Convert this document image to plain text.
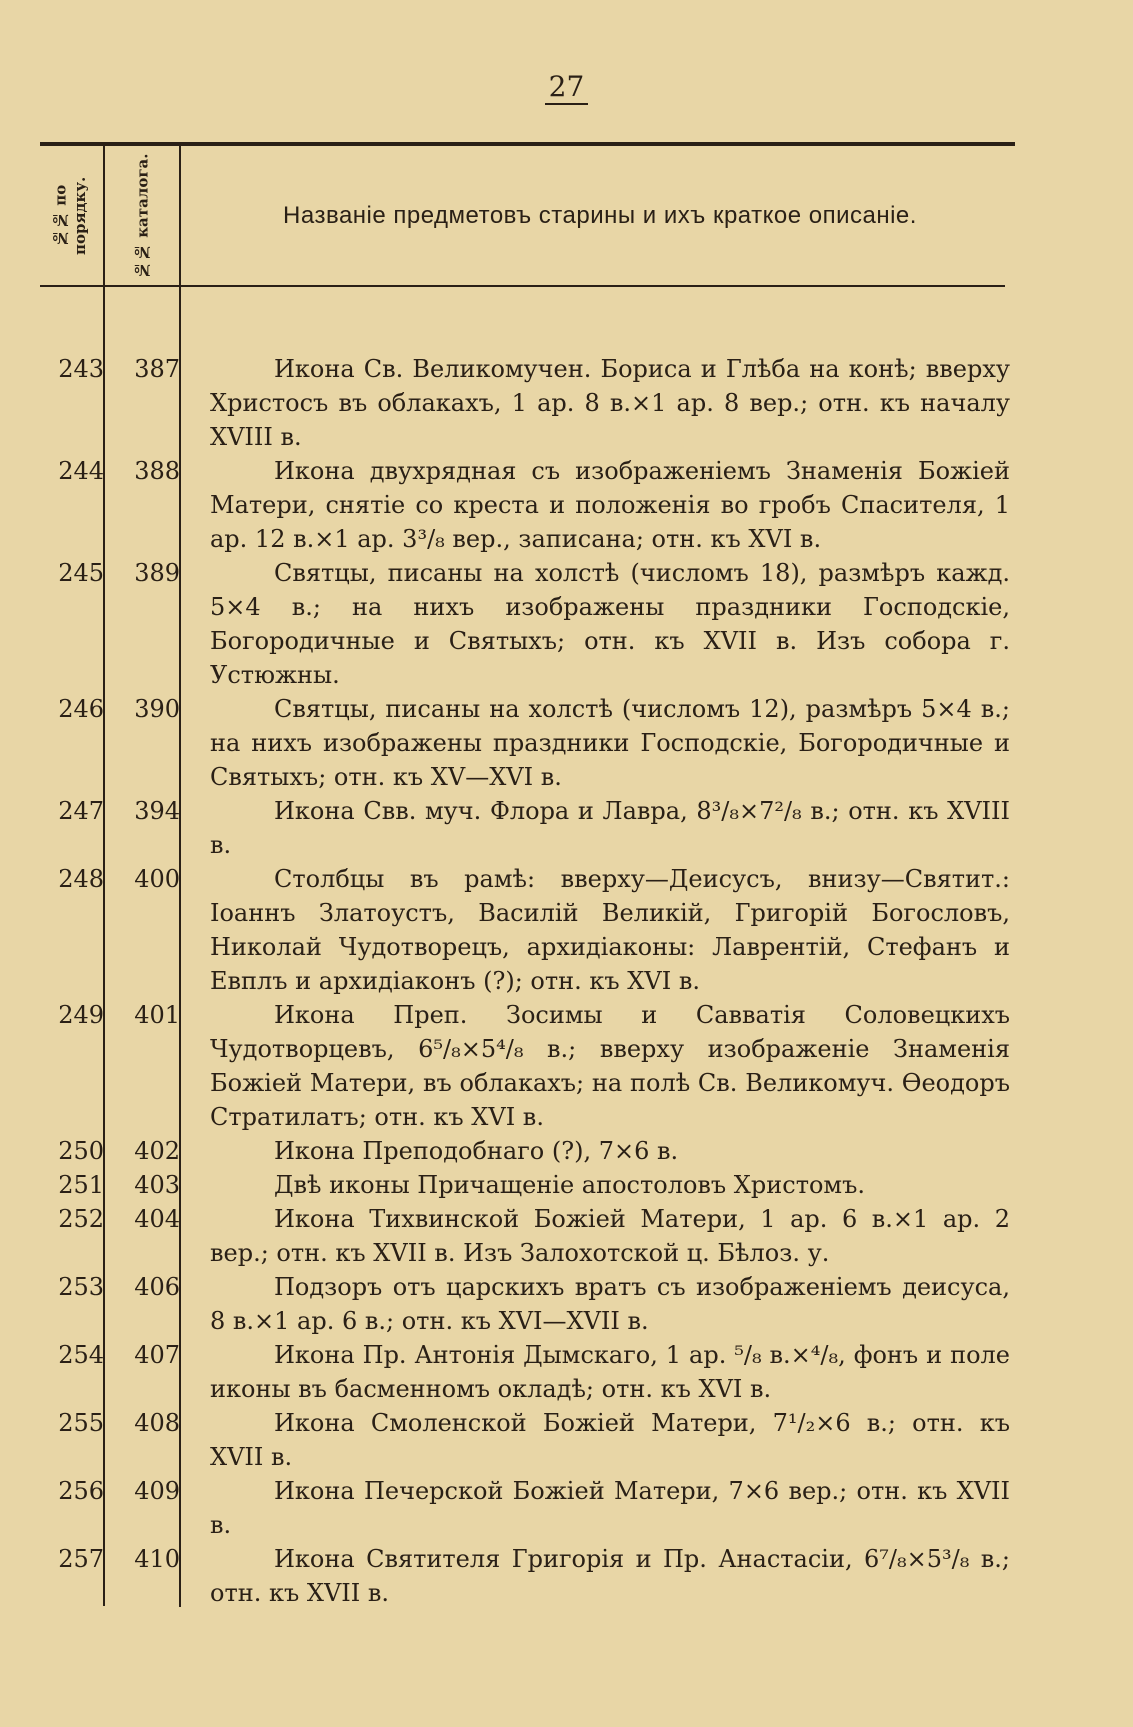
27
№№ по порядку.	№№ каталога.	Названіе предметовъ старины и ихъ краткое описаніе.
243	387	Икона Св. Великомучен. Бориса и Глѣба на конѣ; вверху Христосъ въ облакахъ, 1 ар. 8 в.×1 ар. 8 вер.; отн. къ началу XVIII в.
244	388	Икона двухрядная съ изображеніемъ Знаменія Божіей Матери, снятіе со креста и положенія во гробъ Спасителя, 1 ар. 12 в.×1 ар. 3³/₈ вер., записана; отн. къ XVI в.
245	389	Святцы, писаны на холстѣ (числомъ 18), размѣръ кажд. 5×4 в.; на нихъ изображены праздники Господскіе, Богородичные и Святыхъ; отн. къ XVII в. Изъ собора г. Устюжны.
246	390	Святцы, писаны на холстѣ (числомъ 12), размѣръ 5×4 в.; на нихъ изображены праздники Господскіе, Богородичные и Святыхъ; отн. къ XV—XVI в.
247	394	Икона Свв. муч. Флора и Лавра, 8³/₈×7²/₈ в.; отн. къ XVIII в.
248	400	Столбцы въ рамѣ: вверху—Деисусъ, внизу—Святит.: Іоаннъ Златоустъ, Василій Великій, Григорій Богословъ, Николай Чудотворецъ, архидіаконы: Лаврентій, Стефанъ и Евплъ и архидіаконъ (?); отн. къ XVI в.
249	401	Икона Преп. Зосимы и Савватія Соловецкихъ Чудотворцевъ, 6⁵/₈×5⁴/₈ в.; вверху изображеніе Знаменія Божіей Матери, въ облакахъ; на полѣ Св. Великомуч. Ѳеодоръ Стратилатъ; отн. къ XVI в.
250	402	Икона Преподобнаго (?), 7×6 в.
251	403	Двѣ иконы Причащеніе апостоловъ Христомъ.
252	404	Икона Тихвинской Божіей Матери, 1 ар. 6 в.×1 ар. 2 вер.; отн. къ XVII в. Изъ Залохотской ц. Бѣлоз. у.
253	406	Подзоръ отъ царскихъ вратъ съ изображеніемъ деисуса, 8 в.×1 ар. 6 в.; отн. къ XVI—XVII в.
254	407	Икона Пр. Антонія Дымскаго, 1 ар. ⁵/₈ в.×⁴/₈, фонъ и поле иконы въ басменномъ окладѣ; отн. къ XVI в.
255	408	Икона Смоленской Божіей Матери, 7¹/₂×6 в.; отн. къ XVII в.
256	409	Икона Печерской Божіей Матери, 7×6 вер.; отн. къ XVII в.
257	410	Икона Святителя Григорія и Пр. Анастасіи, 6⁷/₈×5³/₈ в.; отн. къ XVII в.
